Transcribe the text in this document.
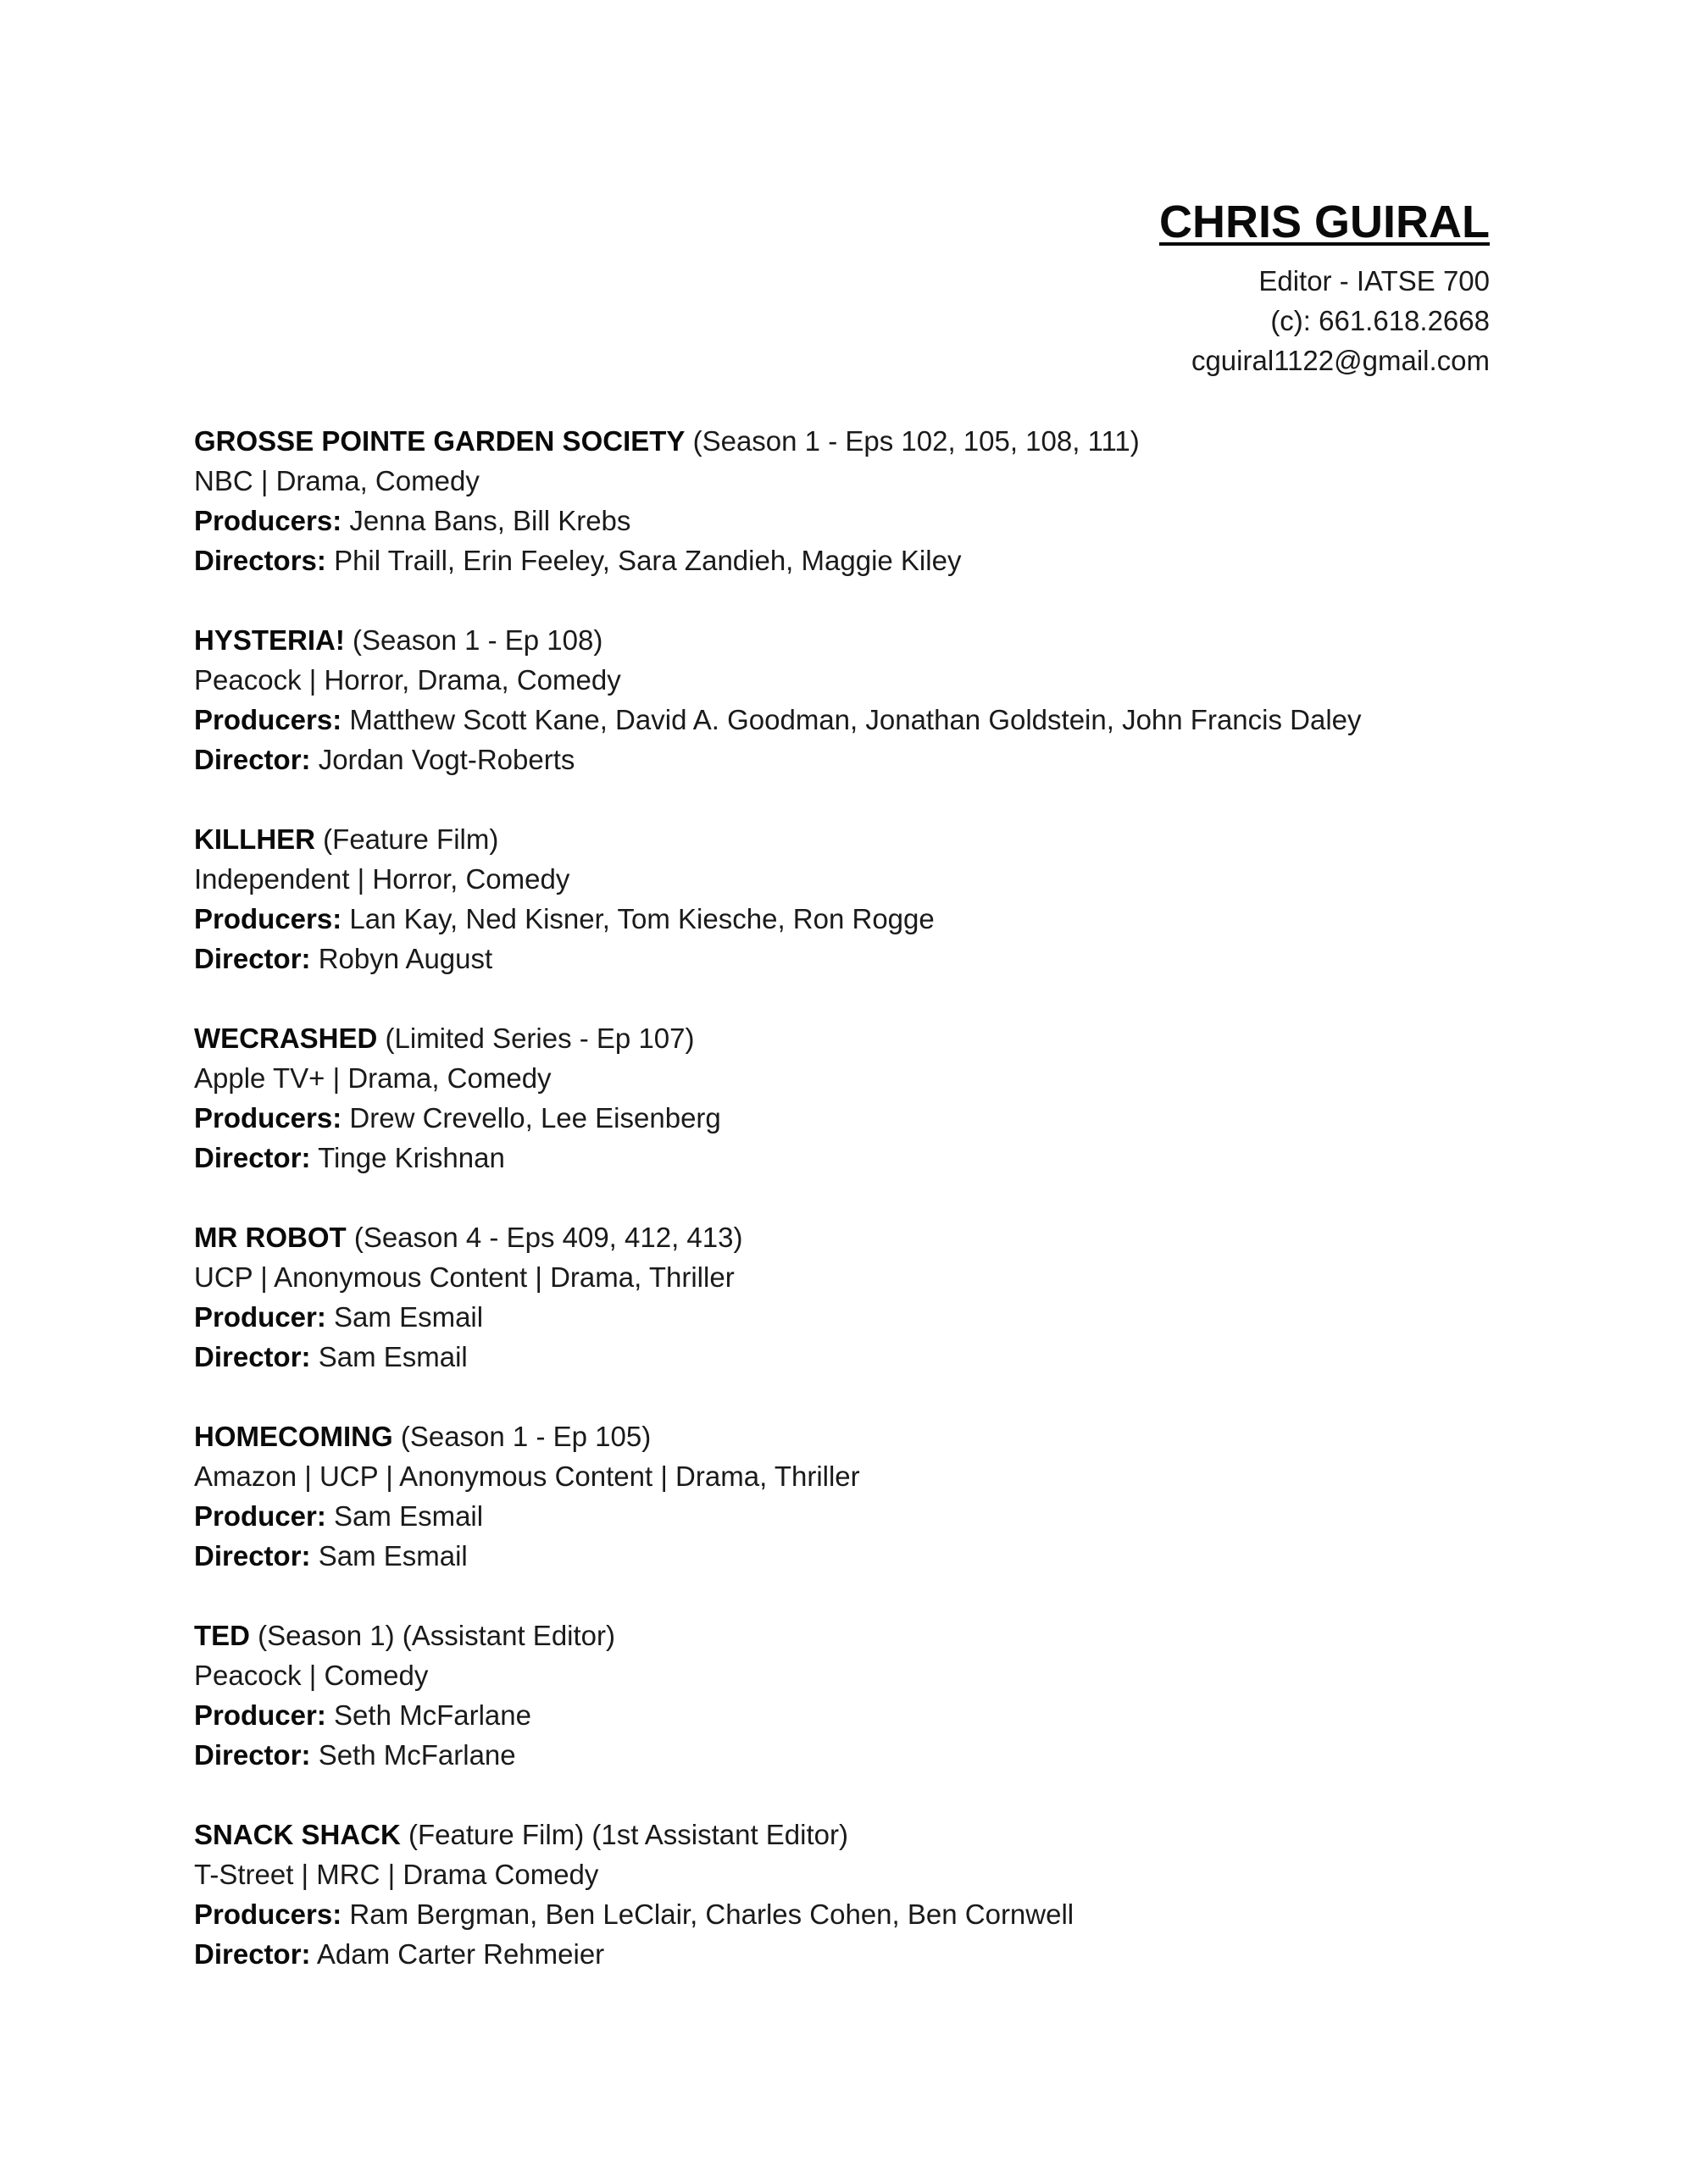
CHRIS GUIRAL
Editor - IATSE 700
(c): 661.618.2668
cguiral1122@gmail.com
GROSSE POINTE GARDEN SOCIETY (Season 1 - Eps 102, 105, 108, 111)
NBC | Drama, Comedy
Producers: Jenna Bans, Bill Krebs
Directors: Phil Traill, Erin Feeley, Sara Zandieh, Maggie Kiley
HYSTERIA! (Season 1 - Ep 108)
Peacock | Horror, Drama, Comedy
Producers: Matthew Scott Kane, David A. Goodman, Jonathan Goldstein, John Francis Daley
Director: Jordan Vogt-Roberts
KILLHER (Feature Film)
Independent | Horror, Comedy
Producers: Lan Kay, Ned Kisner, Tom Kiesche, Ron Rogge
Director: Robyn August
WECRASHED (Limited Series - Ep 107)
Apple TV+ | Drama, Comedy
Producers: Drew Crevello, Lee Eisenberg
Director: Tinge Krishnan
MR ROBOT (Season 4 - Eps 409, 412, 413)
UCP | Anonymous Content | Drama, Thriller
Producer: Sam Esmail
Director: Sam Esmail
HOMECOMING (Season 1 - Ep 105)
Amazon | UCP | Anonymous Content | Drama, Thriller
Producer: Sam Esmail
Director: Sam Esmail
TED (Season 1) (Assistant Editor)
Peacock | Comedy
Producer: Seth McFarlane
Director: Seth McFarlane
SNACK SHACK (Feature Film) (1st Assistant Editor)
T-Street | MRC | Drama Comedy
Producers: Ram Bergman, Ben LeClair, Charles Cohen, Ben Cornwell
Director: Adam Carter Rehmeier
